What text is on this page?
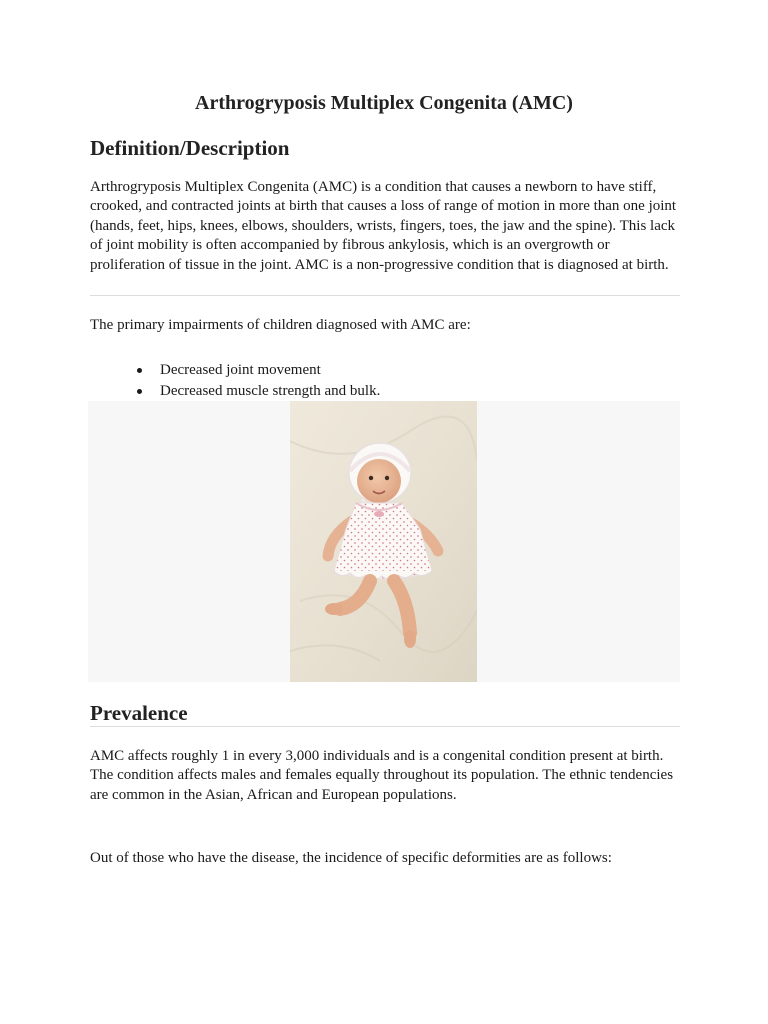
Arthrogryposis Multiplex Congenita (AMC)
Definition/Description

Arthrogryposis Multiplex Congenita (AMC) is a condition that causes a newborn to have stiff, crooked, and contracted joints at birth that causes a loss of range of motion in more than one joint (hands, feet, hips, knees, elbows, shoulders, wrists, fingers, toes, the jaw and the spine). This lack of joint mobility is often accompanied by fibrous ankylosis, which is an overgrowth or proliferation of tissue in the joint. AMC is a non-progressive condition that is diagnosed at birth.

The primary impairments of children diagnosed with AMC are:

Decreased joint movement
Decreased muscle strength and bulk.
Prevalence

AMC affects roughly 1 in every 3,000 individuals and is a congenital condition present at birth. The condition affects males and females equally throughout its population. The ethnic tendencies are common in the Asian, African and European populations.

Out of those who have the disease, the incidence of specific deformities are as follows:
